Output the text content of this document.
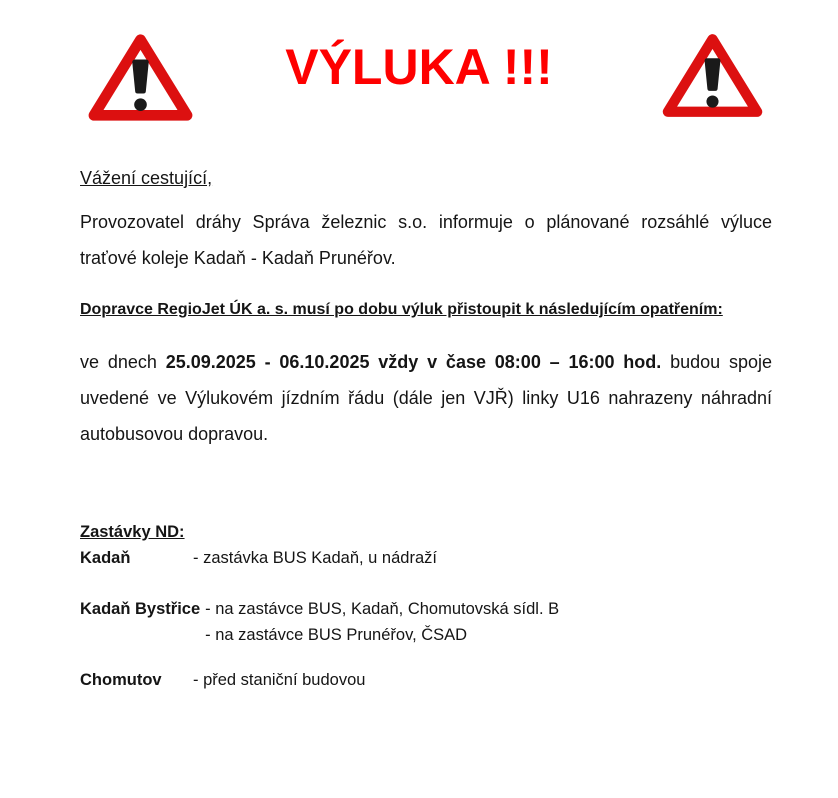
VÝLUKA !!!

Vážení cestující,

Provozovatel dráhy Správa železnic s.o. informuje o plánované rozsáhlé výluce traťové koleje Kadaň - Kadaň Prunéřov.

Dopravce RegioJet ÚK a. s. musí po dobu výluk přistoupit k následujícím opatřením:

ve dnech 25.09.2025 - 06.10.2025 vždy v čase 08:00 – 16:00 hod. budou spoje uvedené ve Výlukovém jízdním řádu (dále jen VJŘ) linky U16 nahrazeny náhradní autobusovou dopravou.

Zastávky ND:

Kadaň	- zastávka BUS Kadaň, u nádraží
Kadaň Bystřice - na zastávce BUS, Kadaň, Chomutovská sídl. B
- na zastávce BUS Prunéřov, ČSAD
Chomutov	- před staniční budovou
